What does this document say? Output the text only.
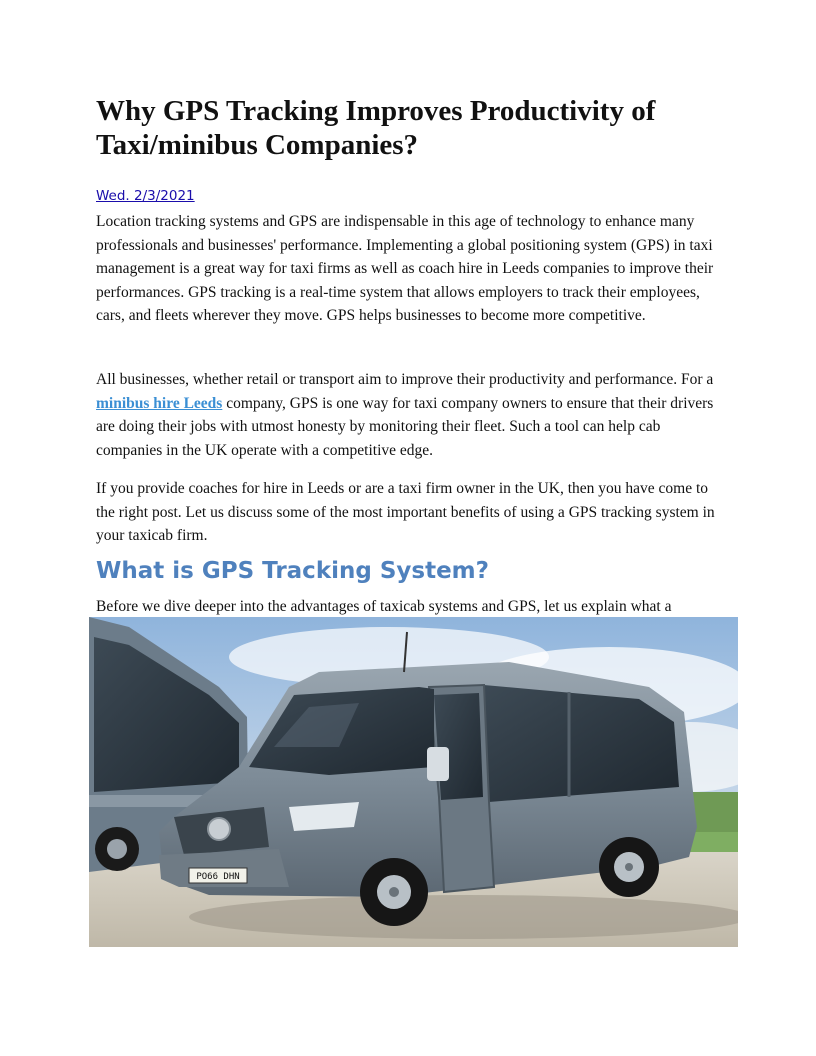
Why GPS Tracking Improves Productivity of Taxi/minibus Companies?
Wed. 2/3/2021

Location tracking systems and GPS are indispensable in this age of technology to enhance many professionals and businesses' performance. Implementing a global positioning system (GPS) in taxi management is a great way for taxi firms as well as coach hire in Leeds companies to improve their performances. GPS tracking is a real-time system that allows employers to track their employees, cars, and fleets wherever they move. GPS helps businesses to become more competitive.

All businesses, whether retail or transport aim to improve their productivity and performance. For a minibus hire Leeds company, GPS is one way for taxi company owners to ensure that their drivers are doing their jobs with utmost honesty by monitoring their fleet. Such a tool can help cab companies in the UK operate with a competitive edge.

If you provide coaches for hire in Leeds or are a taxi firm owner in the UK, then you have come to the right post. Let us discuss some of the most important benefits of using a GPS tracking system in your taxicab firm.

What is GPS Tracking System?

Before we dive deeper into the advantages of taxicab systems and GPS, let us explain what a

PO66 DHN
